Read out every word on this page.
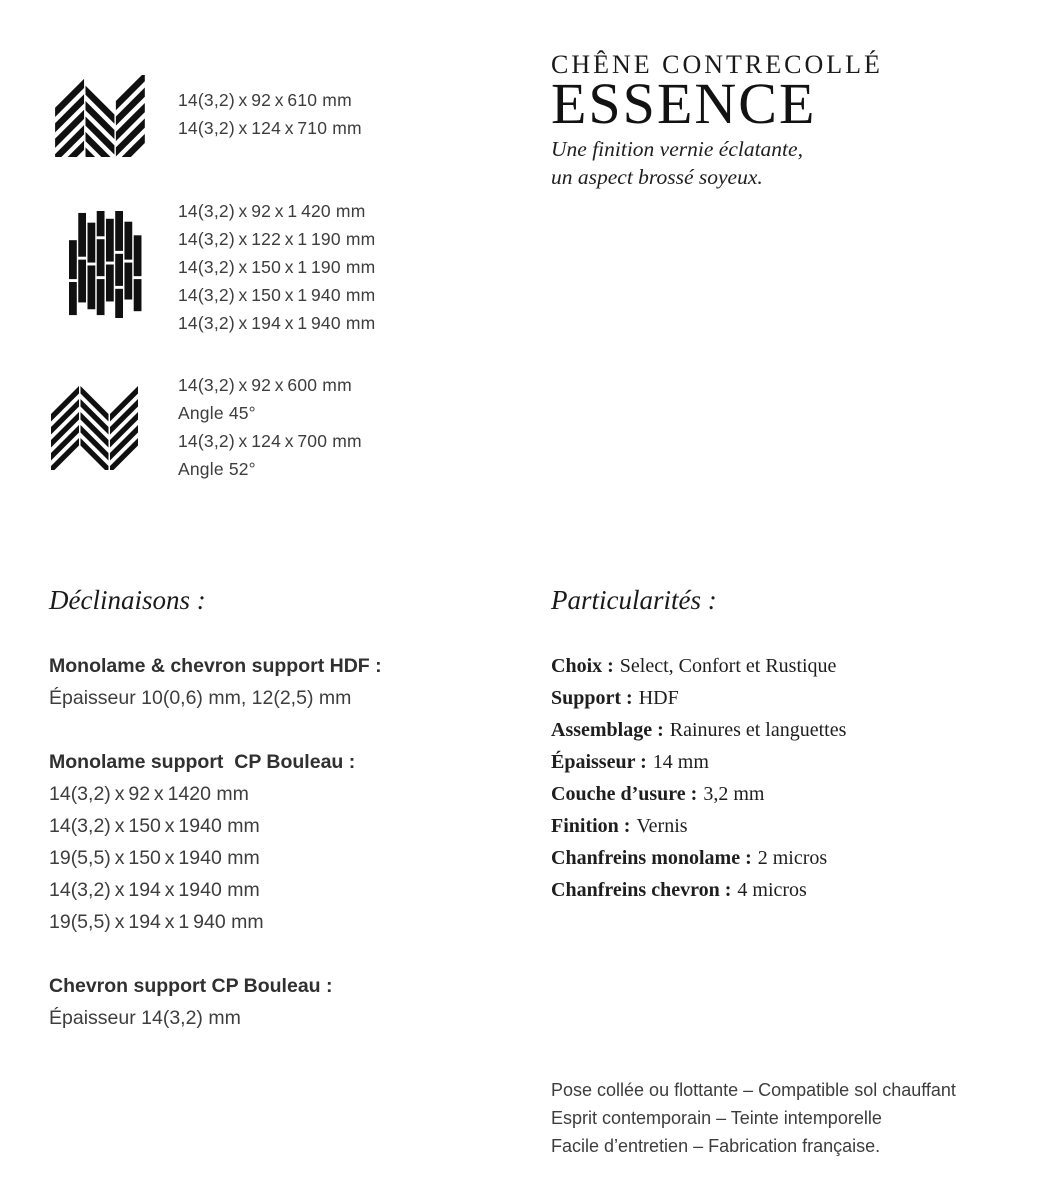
14(3,2) x 92 x 610 mm
14(3,2) x 124 x 710 mm
14(3,2) x 92 x 1 420 mm
14(3,2) x 122 x 1 190 mm
14(3,2) x 150 x 1 190 mm
14(3,2) x 150 x 1 940 mm
14(3,2) x 194 x 1 940 mm
14(3,2) x 92 x 600 mm
Angle 45°
14(3,2) x 124 x 700 mm
Angle 52°
CHÊNE CONTRECOLLÉ
ESSENCE
Une finition vernie éclatante,
un aspect brossé soyeux.
Déclinaisons :
Monolame & chevron support HDF :
Épaisseur 10(0,6) mm, 12(2,5) mm
Monolame support  CP Bouleau :
14(3,2) x 92 x 1420 mm
14(3,2) x 150 x 1940 mm
19(5,5) x 150 x 1940 mm
14(3,2) x 194 x 1940 mm
19(5,5) x 194 x 1 940 mm
Chevron support CP Bouleau :
Épaisseur 14(3,2) mm
Particularités :
Choix : Select, Confort et Rustique
Support : HDF
Assemblage : Rainures et languettes
Épaisseur : 14 mm
Couche d’usure : 3,2 mm
Finition : Vernis
Chanfreins monolame : 2 micros
Chanfreins chevron : 4 micros
Pose collée ou flottante – Compatible sol chauffant
Esprit contemporain – Teinte intemporelle
Facile d’entretien – Fabrication française.
